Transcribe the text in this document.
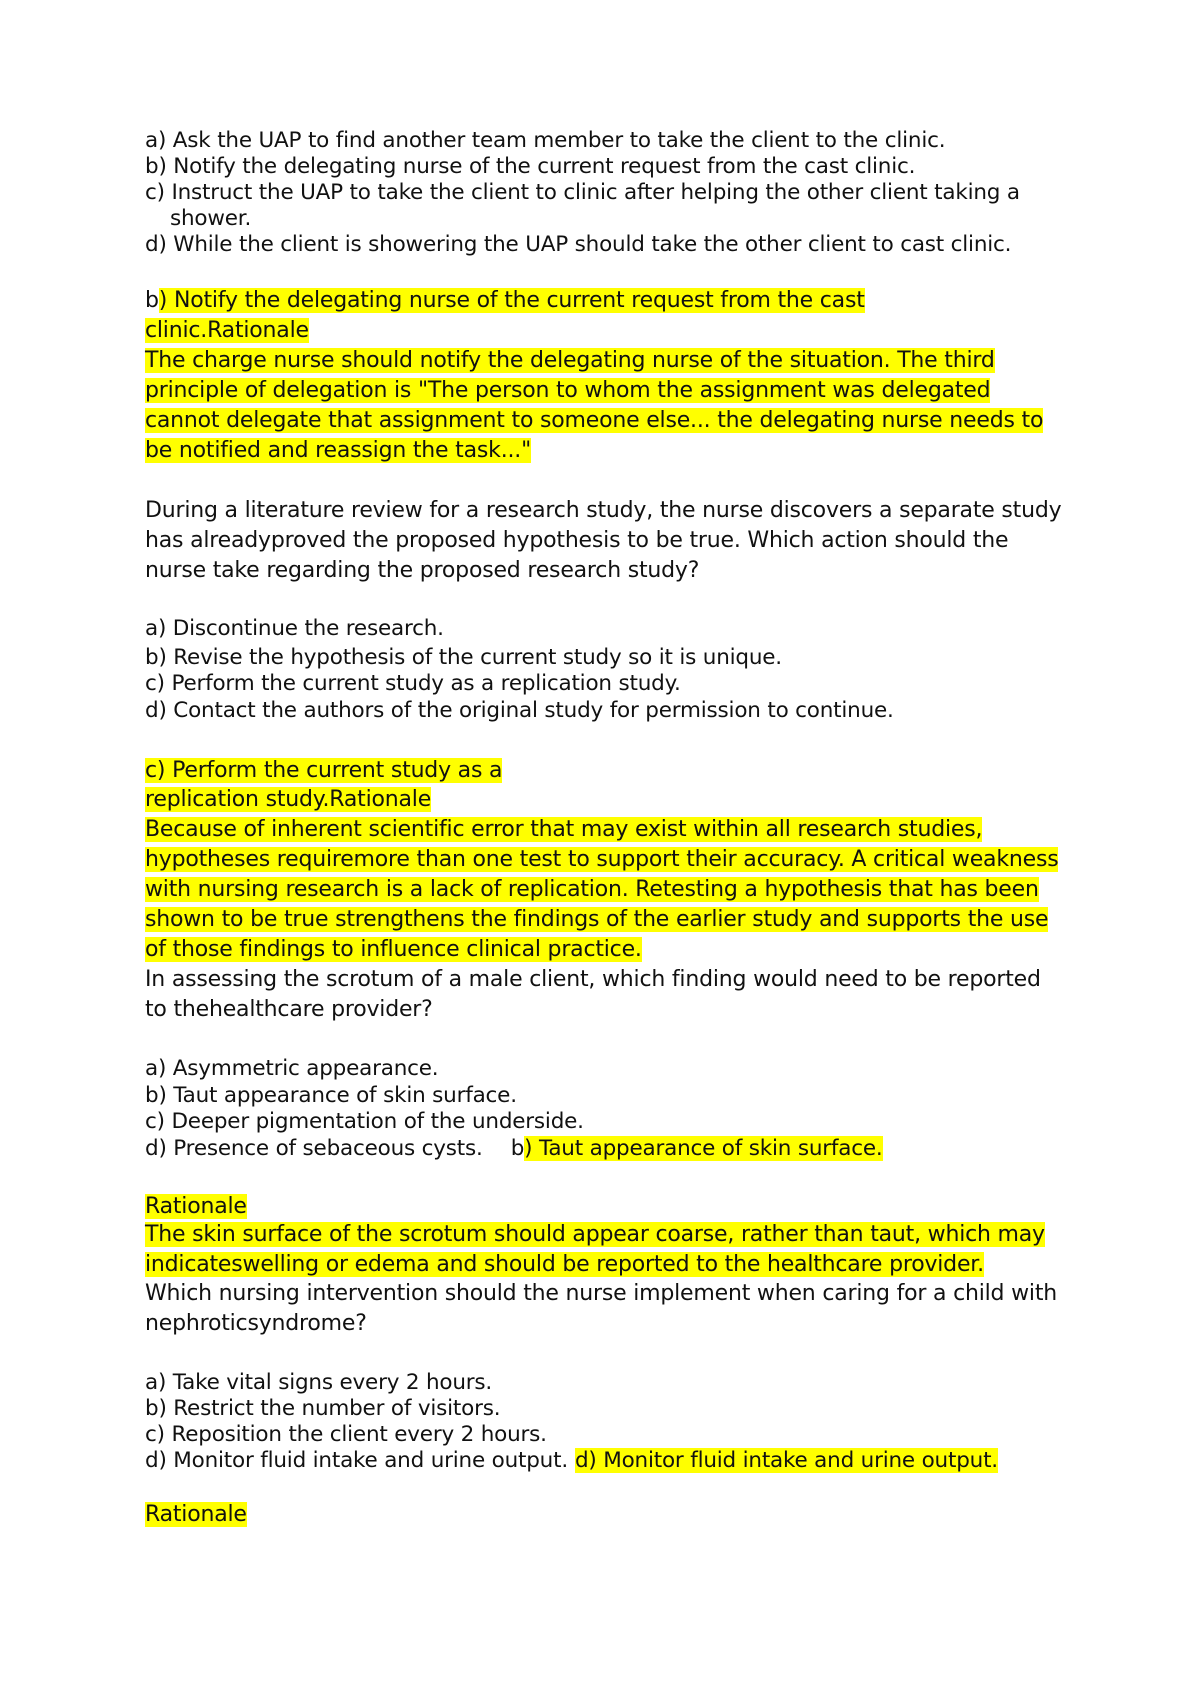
a) Ask the UAP to find another team member to take the client to the clinic.
b) Notify the delegating nurse of the current request from the cast clinic.
c) Instruct the UAP to take the client to clinic after helping the other client taking a
shower.
d) While the client is showering the UAP should take the other client to cast clinic.
b) Notify the delegating nurse of the current request from the cast
clinic.Rationale
The charge nurse should notify the delegating nurse of the situation. The third
principle of delegation is "The person to whom the assignment was delegated
cannot delegate that assignment to someone else... the delegating nurse needs to
be notified and reassign the task..."
During a literature review for a research study, the nurse discovers a separate study
has alreadyproved the proposed hypothesis to be true. Which action should the
nurse take regarding the proposed research study?
a) Discontinue the research.
b) Revise the hypothesis of the current study so it is unique.
c) Perform the current study as a replication study.
d) Contact the authors of the original study for permission to continue.
c) Perform the current study as a
replication study.Rationale
Because of inherent scientific error that may exist within all research studies,
hypotheses requiremore than one test to support their accuracy. A critical weakness
with nursing research is a lack of replication. Retesting a hypothesis that has been
shown to be true strengthens the findings of the earlier study and supports the use
of those findings to influence clinical practice.
In assessing the scrotum of a male client, which finding would need to be reported
to thehealthcare provider?
a) Asymmetric appearance.
b) Taut appearance of skin surface.
c) Deeper pigmentation of the underside.
d) Presence of sebaceous cysts. b) Taut appearance of skin surface.
Rationale
The skin surface of the scrotum should appear coarse, rather than taut, which may
indicateswelling or edema and should be reported to the healthcare provider.
Which nursing intervention should the nurse implement when caring for a child with
nephroticsyndrome?
a) Take vital signs every 2 hours.
b) Restrict the number of visitors.
c) Reposition the client every 2 hours.
d) Monitor fluid intake and urine output. d) Monitor fluid intake and urine output.
Rationale
